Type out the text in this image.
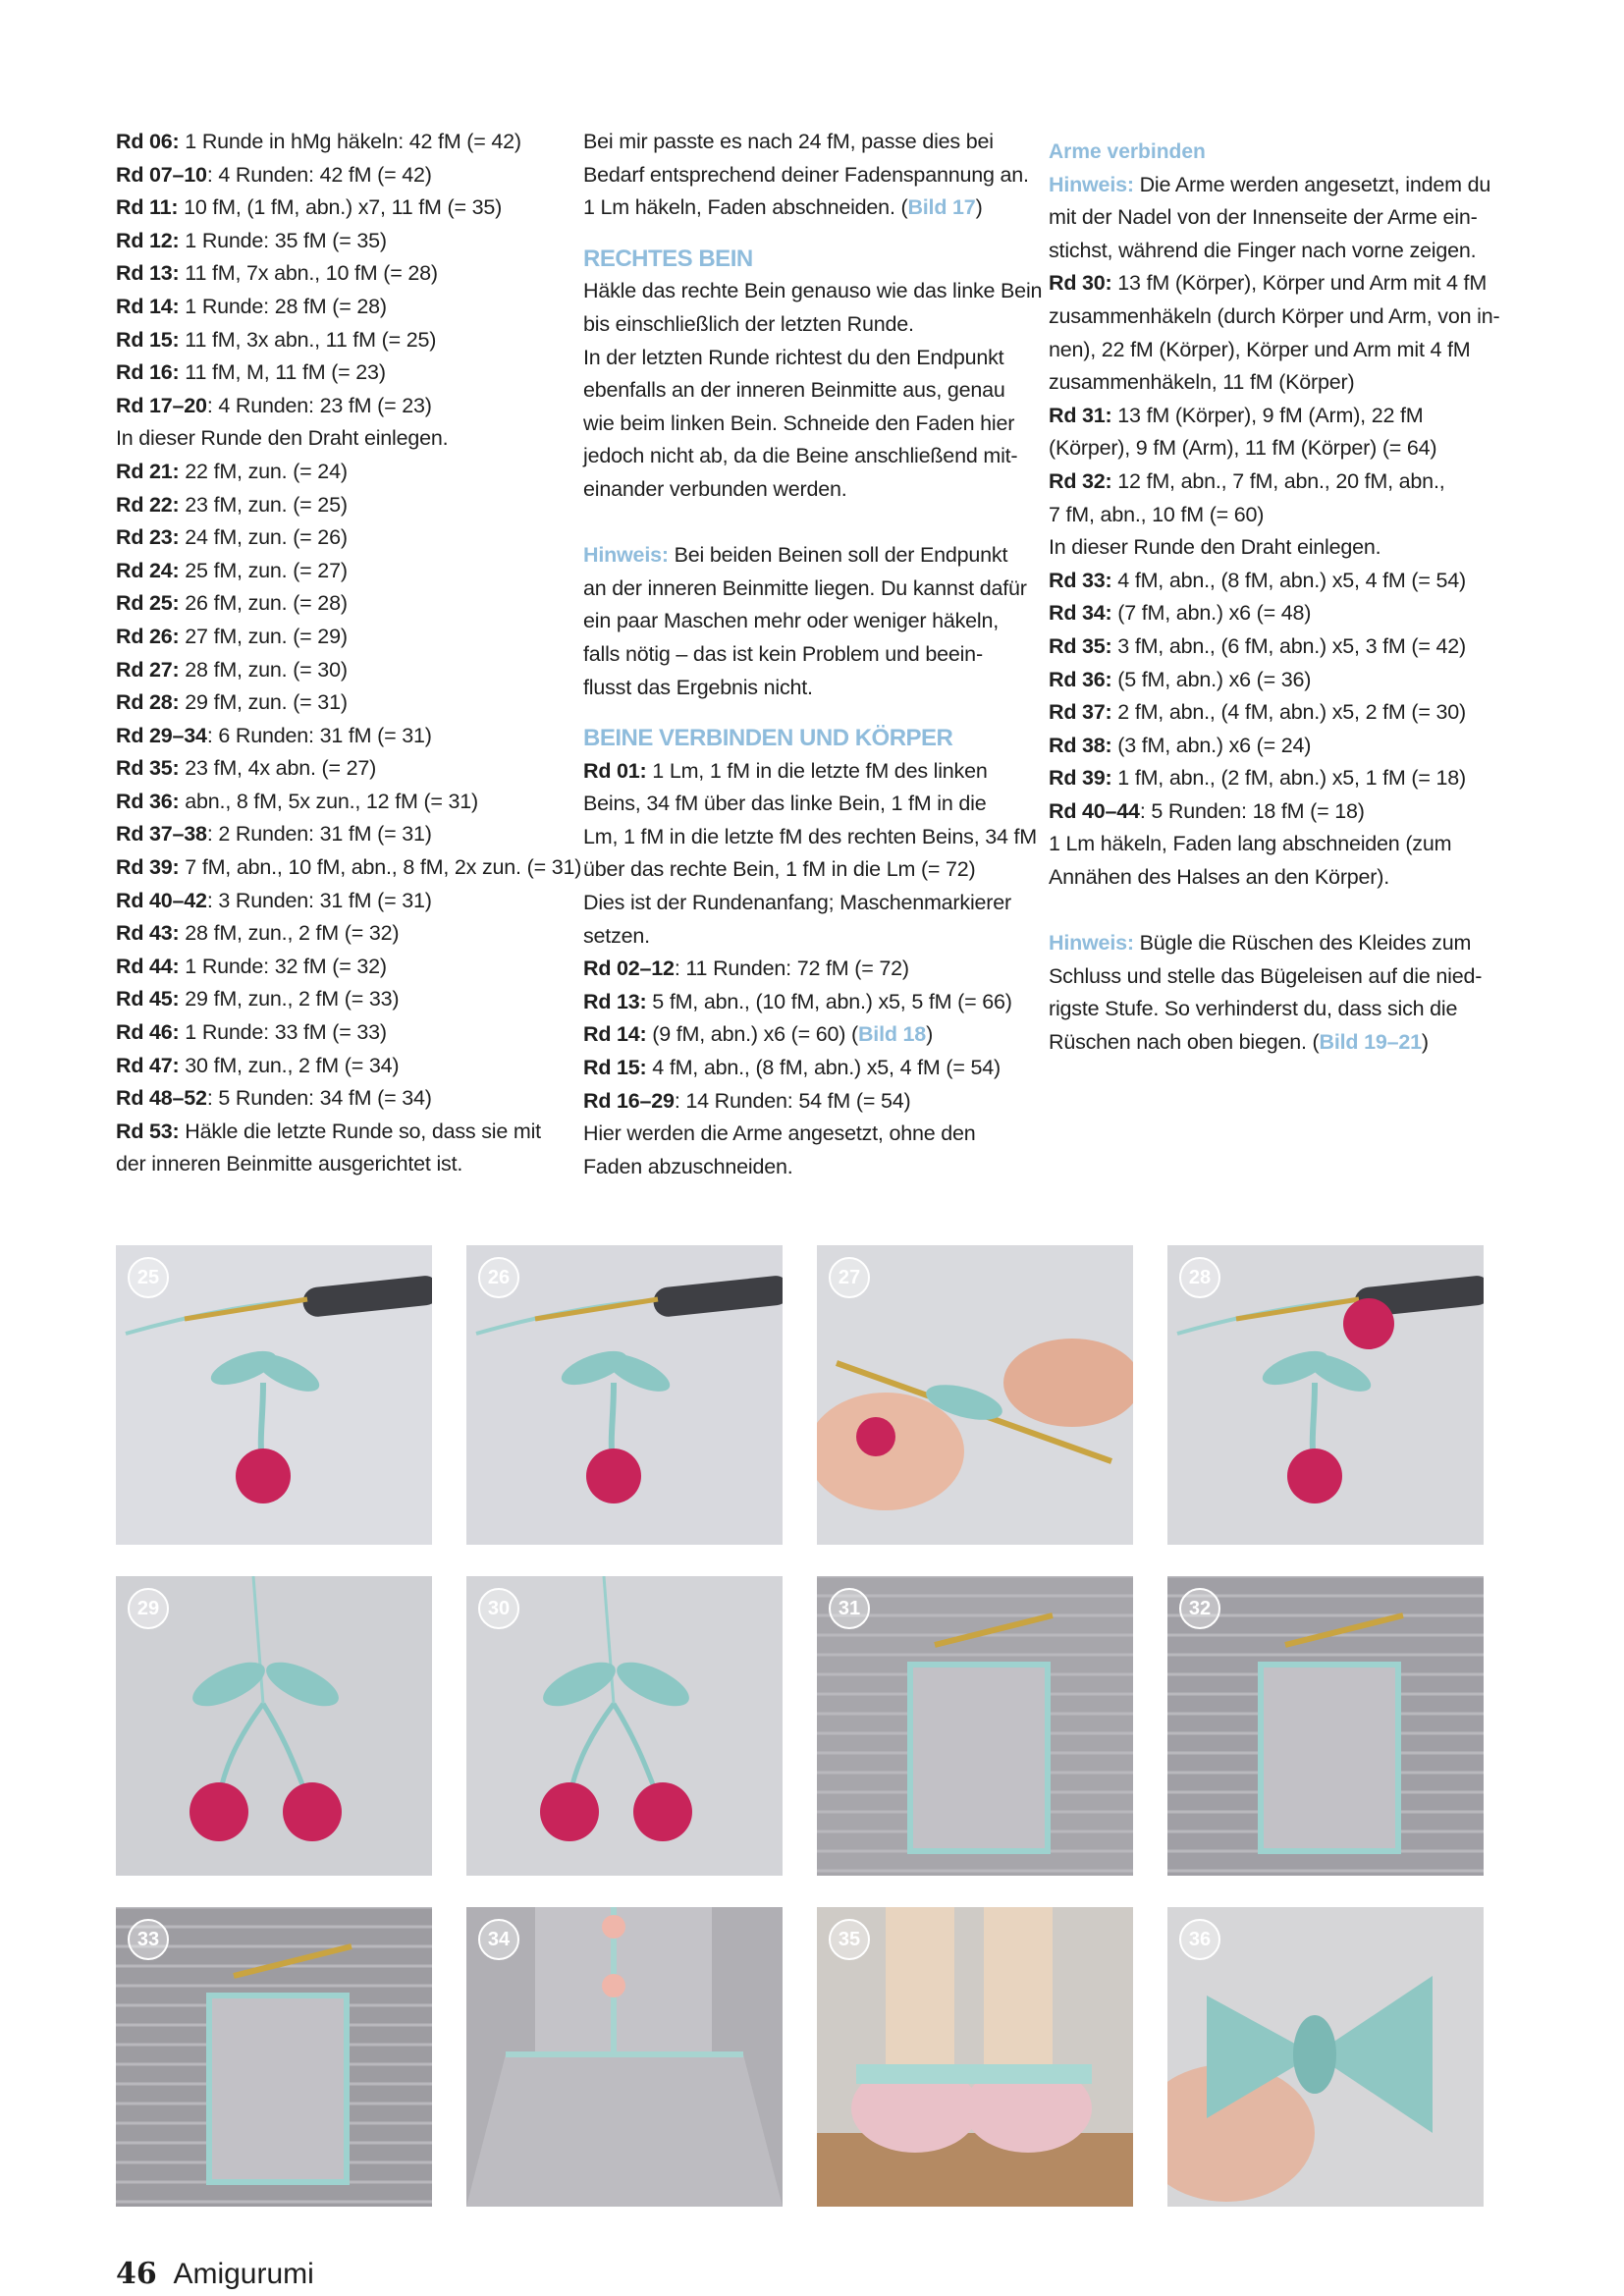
Rd 06: 1 Runde in hMg häkeln: 42 fM (= 42)
Rd 07–10: 4 Runden: 42 fM (= 42)
Rd 11: 10 fM, (1 fM, abn.) x7, 11 fM (= 35)
Rd 12: 1 Runde: 35 fM (= 35)
Rd 13: 11 fM, 7x abn., 10 fM (= 28)
Rd 14: 1 Runde: 28 fM (= 28)
Rd 15: 11 fM, 3x abn., 11 fM (= 25)
Rd 16: 11 fM, M, 11 fM (= 23)
Rd 17–20: 4 Runden: 23 fM (= 23)
In dieser Runde den Draht einlegen.
Rd 21: 22 fM, zun. (= 24)
Rd 22: 23 fM, zun. (= 25)
Rd 23: 24 fM, zun. (= 26)
Rd 24: 25 fM, zun. (= 27)
Rd 25: 26 fM, zun. (= 28)
Rd 26: 27 fM, zun. (= 29)
Rd 27: 28 fM, zun. (= 30)
Rd 28: 29 fM, zun. (= 31)
Rd 29–34: 6 Runden: 31 fM (= 31)
Rd 35: 23 fM, 4x abn. (= 27)
Rd 36: abn., 8 fM, 5x zun., 12 fM (= 31)
Rd 37–38: 2 Runden: 31 fM (= 31)
Rd 39: 7 fM, abn., 10 fM, abn., 8 fM, 2x zun. (= 31)
Rd 40–42: 3 Runden: 31 fM (= 31)
Rd 43: 28 fM, zun., 2 fM (= 32)
Rd 44: 1 Runde: 32 fM (= 32)
Rd 45: 29 fM, zun., 2 fM (= 33)
Rd 46: 1 Runde: 33 fM (= 33)
Rd 47: 30 fM, zun., 2 fM (= 34)
Rd 48–52: 5 Runden: 34 fM (= 34)
Rd 53: Häkle die letzte Runde so, dass sie mit
der inneren Beinmitte ausgerichtet ist.
Bei mir passte es nach 24 fM, passe dies bei
Bedarf entsprechend deiner Fadenspannung an.
1 Lm häkeln, Faden abschneiden. (Bild 17)
RECHTES BEIN
Häkle das rechte Bein genauso wie das linke Bein
bis einschließlich der letzten Runde.
In der letzten Runde richtest du den Endpunkt
ebenfalls an der inneren Beinmitte aus, genau
wie beim linken Bein. Schneide den Faden hier
jedoch nicht ab, da die Beine anschließend mit-
einander verbunden werden.
Hinweis: Bei beiden Beinen soll der Endpunkt
an der inneren Beinmitte liegen. Du kannst dafür
ein paar Maschen mehr oder weniger häkeln,
falls nötig – das ist kein Problem und beein-
flusst das Ergebnis nicht.
BEINE VERBINDEN UND KÖRPER
Rd 01: 1 Lm, 1 fM in die letzte fM des linken
Beins, 34 fM über das linke Bein, 1 fM in die
Lm, 1 fM in die letzte fM des rechten Beins, 34 fM
über das rechte Bein, 1 fM in die Lm (= 72)
Dies ist der Rundenanfang; Maschenmarkierer
setzen.
Rd 02–12: 11 Runden: 72 fM (= 72)
Rd 13: 5 fM, abn., (10 fM, abn.) x5, 5 fM (= 66)
Rd 14: (9 fM, abn.) x6 (= 60) (Bild 18)
Rd 15: 4 fM, abn., (8 fM, abn.) x5, 4 fM (= 54)
Rd 16–29: 14 Runden: 54 fM (= 54)
Hier werden die Arme angesetzt, ohne den
Faden abzuschneiden.
Arme verbinden
Hinweis: Die Arme werden angesetzt, indem du
mit der Nadel von der Innenseite der Arme ein-
stichst, während die Finger nach vorne zeigen.
Rd 30: 13 fM (Körper), Körper und Arm mit 4 fM
zusammenhäkeln (durch Körper und Arm, von in-
nen), 22 fM (Körper), Körper und Arm mit 4 fM
zusammenhäkeln, 11 fM (Körper)
Rd 31: 13 fM (Körper), 9 fM (Arm), 22 fM
(Körper), 9 fM (Arm), 11 fM (Körper) (= 64)
Rd 32: 12 fM, abn., 7 fM, abn., 20 fM, abn.,
7 fM, abn., 10 fM (= 60)
In dieser Runde den Draht einlegen.
Rd 33: 4 fM, abn., (8 fM, abn.) x5, 4 fM (= 54)
Rd 34: (7 fM, abn.) x6 (= 48)
Rd 35: 3 fM, abn., (6 fM, abn.) x5, 3 fM (= 42)
Rd 36: (5 fM, abn.) x6 (= 36)
Rd 37: 2 fM, abn., (4 fM, abn.) x5, 2 fM (= 30)
Rd 38: (3 fM, abn.) x6 (= 24)
Rd 39: 1 fM, abn., (2 fM, abn.) x5, 1 fM (= 18)
Rd 40–44: 5 Runden: 18 fM (= 18)
1 Lm häkeln, Faden lang abschneiden (zum
Annähen des Halses an den Körper).
Hinweis: Bügle die Rüschen des Kleides zum
Schluss und stelle das Bügeleisen auf die nied-
rigste Stufe. So verhinderst du, dass sich die
Rüschen nach oben biegen. (Bild 19–21)
25	26	27	28
29	30	31	32
33	34	35	36
46 Amigurumi
